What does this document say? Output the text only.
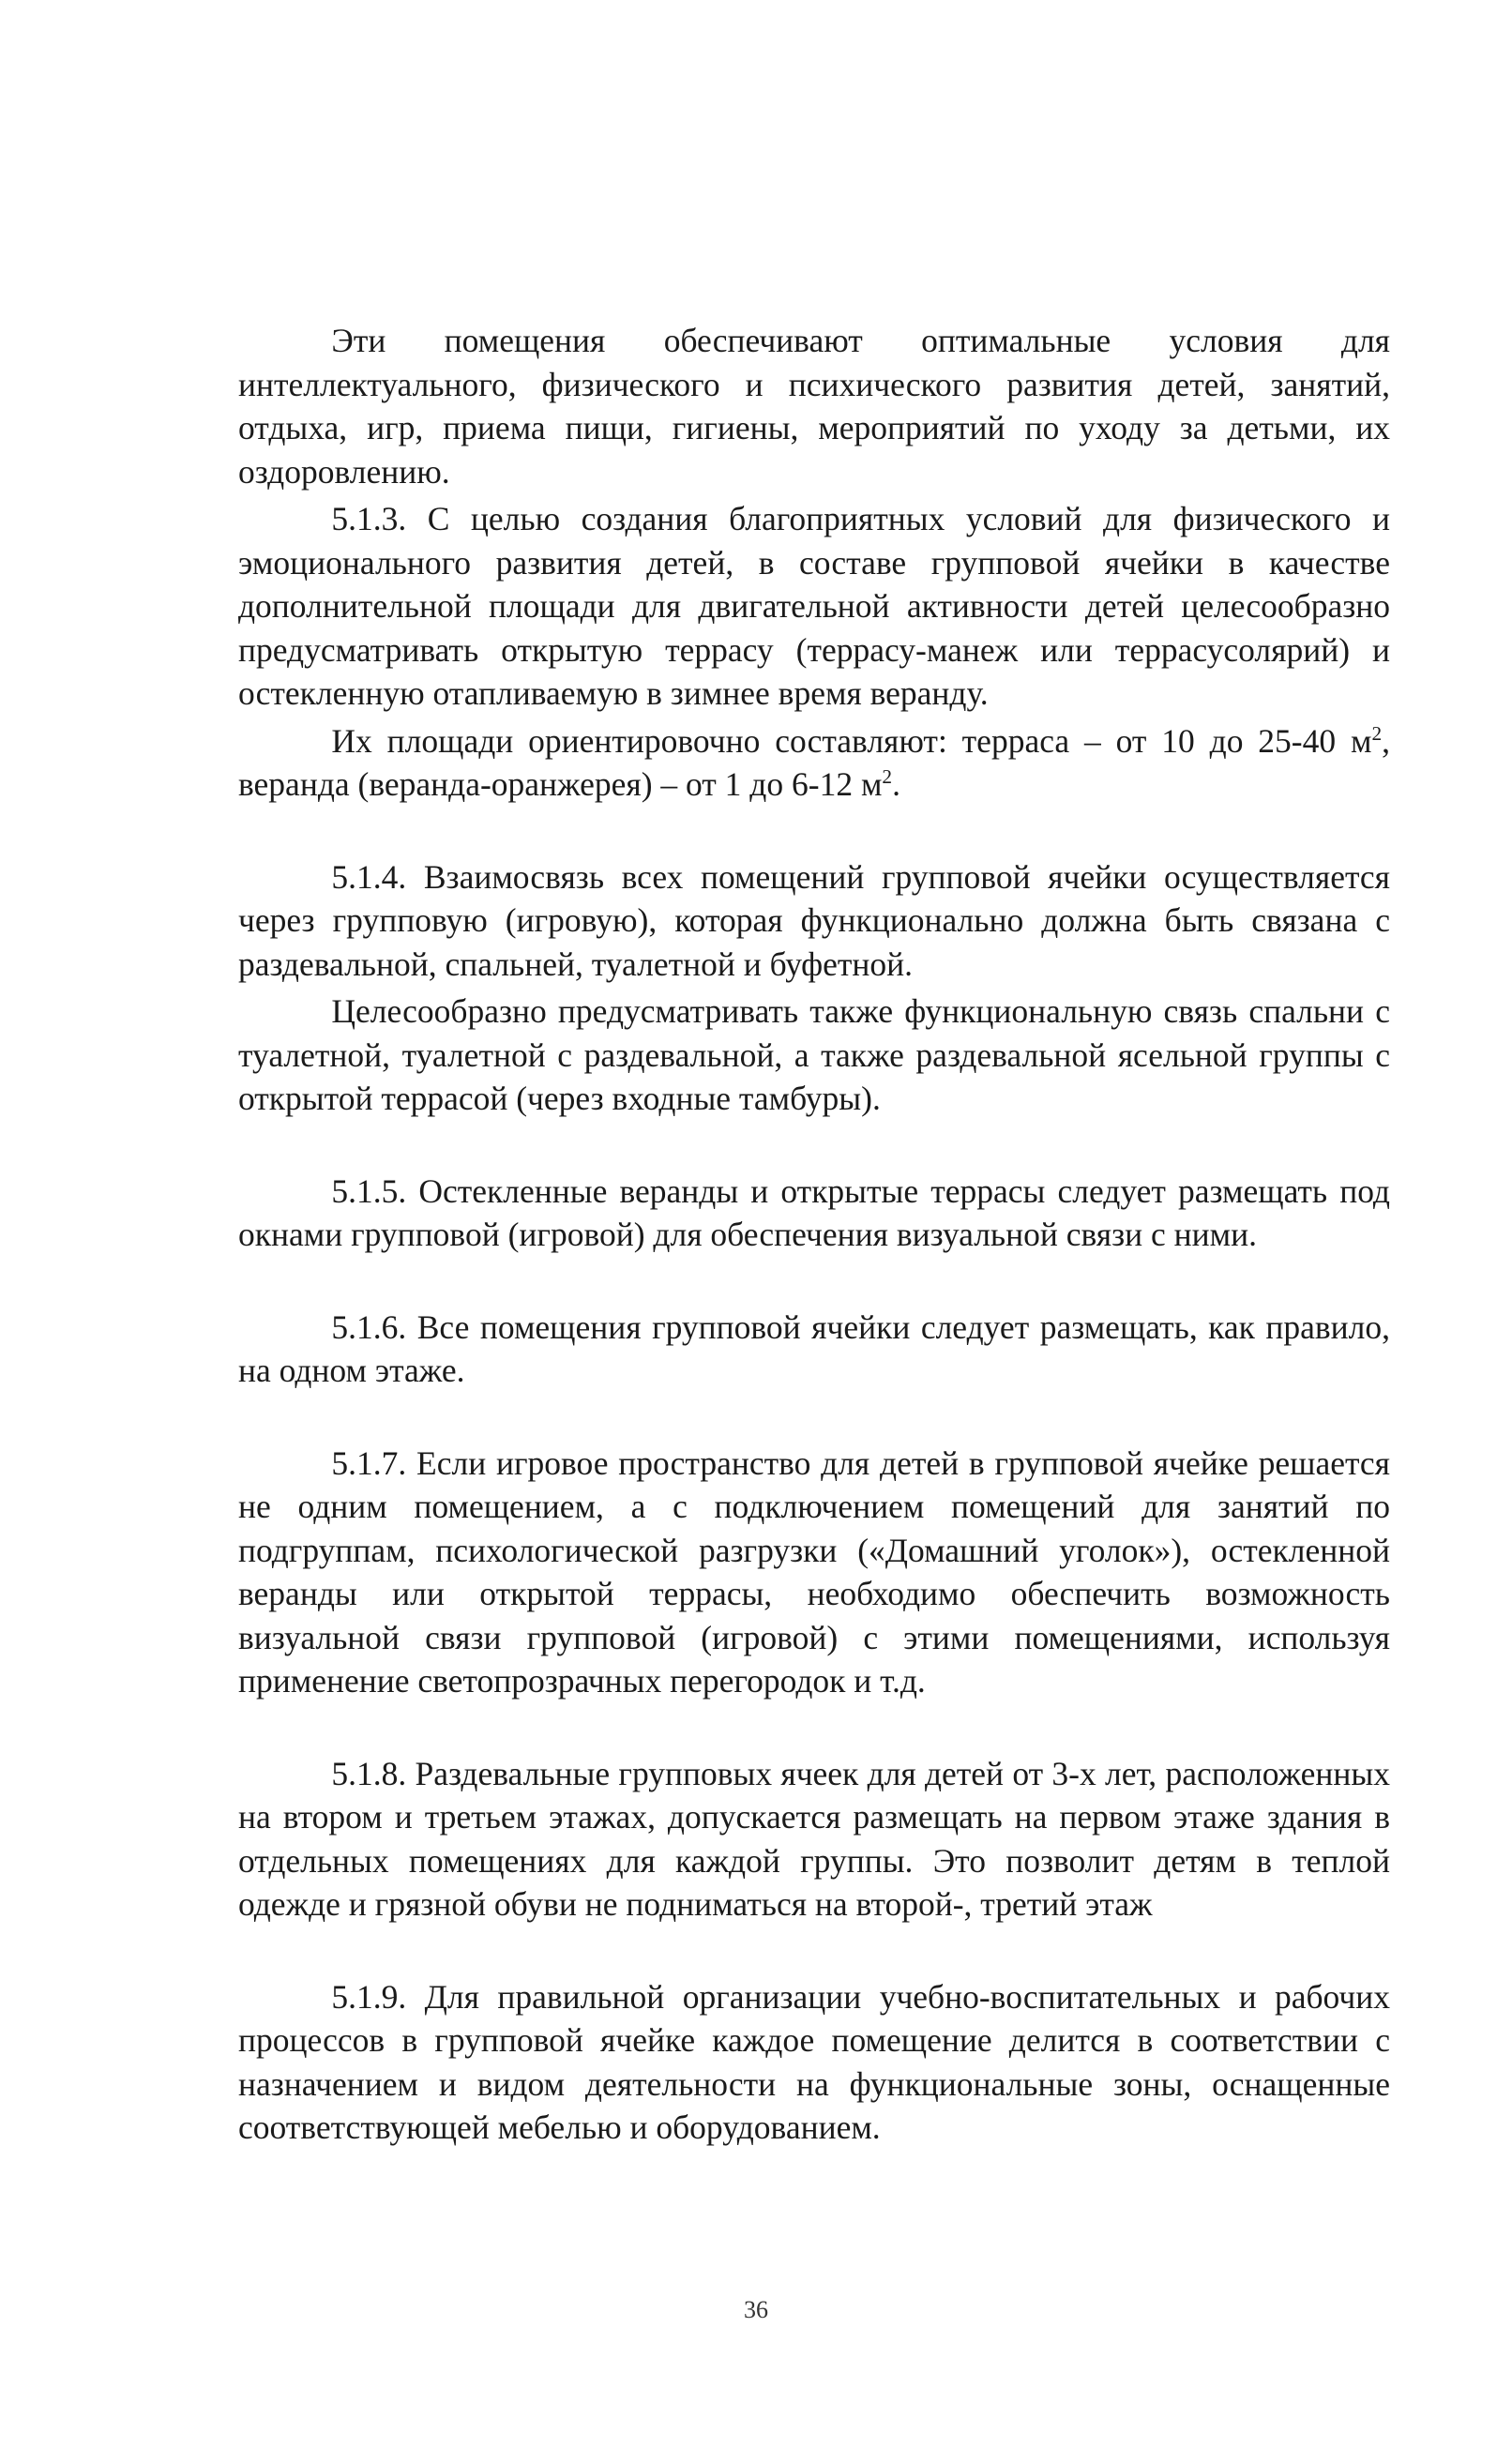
Эти помещения обеспечивают оптимальные условия для интеллектуального, физического и психического развития детей, занятий, отдыха, игр, приема пищи, гигиены, мероприятий по уходу за детьми, их оздоровлению.

5.1.3. С целью создания благоприятных условий для физического и эмоционального развития детей, в составе групповой ячейки в качестве дополнительной площади для двигательной активности детей целесообразно предусматривать открытую террасу (террасу-манеж или террасусолярий) и остекленную отапливаемую в зимнее время веранду.

Их площади ориентировочно составляют: терраса – от 10 до 25-40 $м^2$, веранда (веранда-оранжерея) – от 1 до 6-12 $м^2$.

5.1.4. Взаимосвязь всех помещений групповой ячейки осуществляется через групповую (игровую), которая функционально должна быть связана с раздевальной, спальней, туалетной и буфетной.

Целесообразно предусматривать также функциональную связь спальни с туалетной, туалетной с раздевальной, а также раздевальной ясельной группы с открытой террасой (через входные тамбуры).

5.1.5. Остекленные веранды и открытые террасы следует размещать под окнами групповой (игровой) для обеспечения визуальной связи с ними.

5.1.6. Все помещения групповой ячейки следует размещать, как правило, на одном этаже.

5.1.7. Если игровое пространство для детей в групповой ячейке решается не одним помещением, а с подключением помещений для занятий по подгруппам, психологической разгрузки («Домашний уголок»), остекленной веранды или открытой террасы, необходимо обеспечить возможность визуальной связи групповой (игровой) с этими помещениями, используя применение светопрозрачных перегородок и т.д.

5.1.8. Раздевальные групповых ячеек для детей от 3-х лет, расположенных на втором и третьем этажах, допускается размещать на первом этаже здания в отдельных помещениях для каждой группы. Это позволит детям в теплой одежде и грязной обуви не подниматься на второй-, третий этаж

5.1.9. Для правильной организации учебно-воспитательных и рабочих процессов в групповой ячейке каждое помещение делится в соответствии с назначением и видом деятельности на функциональные зоны, оснащенные соответствующей мебелью и оборудованием.

36
